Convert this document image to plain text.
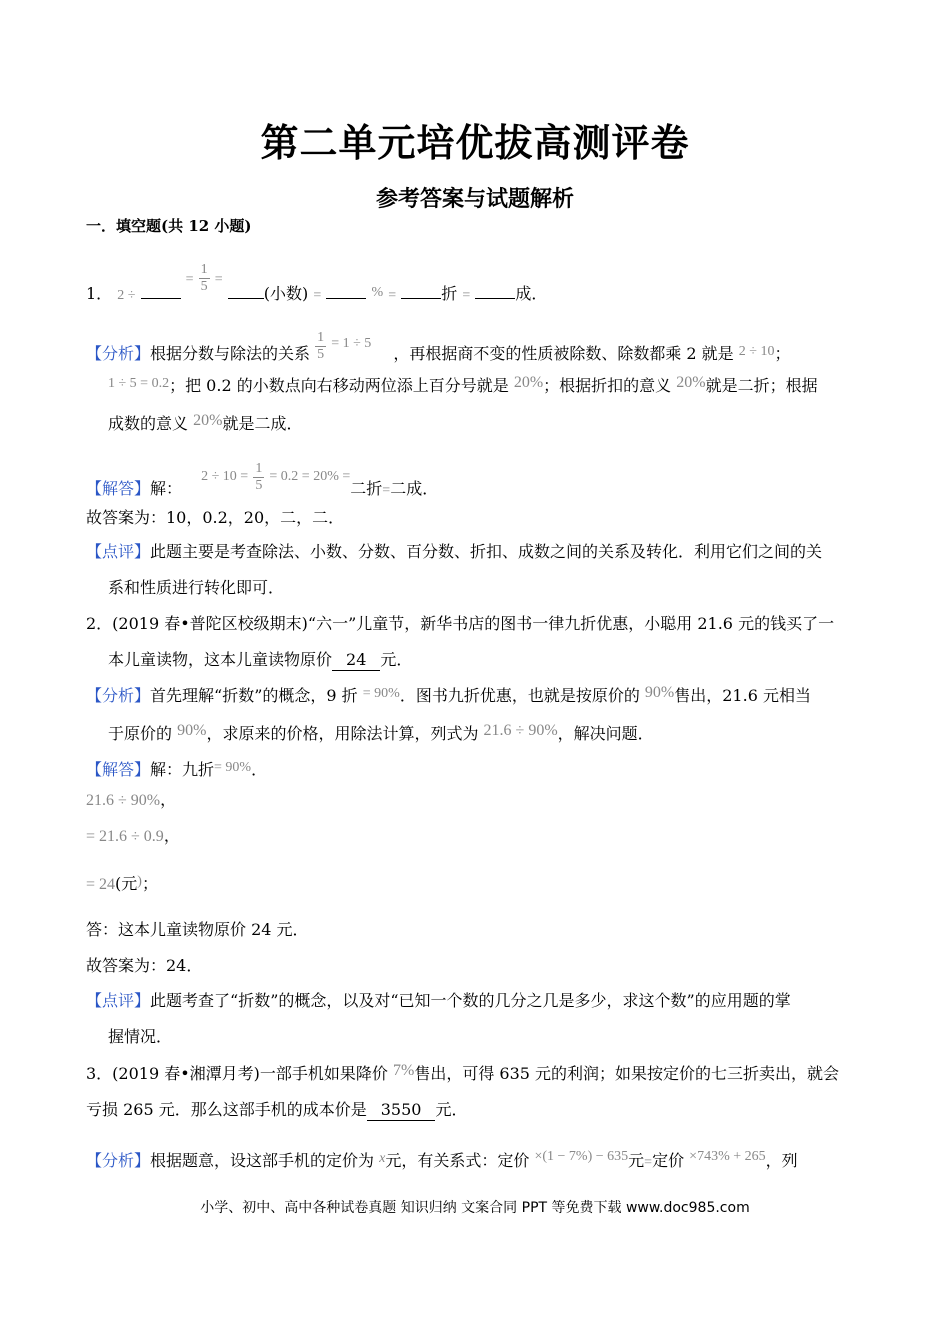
第二单元培优拔高测评卷
参考答案与试题解析
一．填空题(共 12 小题)
1． 2 ÷  = $\frac{1}{5}$ = (小数) =	% =	折 =	成．
【分析】根据分数与除法的关系 $\frac{1}{5} = 1 \div 5$，再根据商不变的性质被除数、除数都乘 2 就是 2 ÷ 10；
1 ÷ 5 = 0.2；把 0.2 的小数点向右移动两位添上百分号就是 20%；根据折扣的意义 20%就是二折；根据
成数的意义 20%就是二成．
【解答】解： $2 \div 10 = \frac{1}{5} = 0.2 = 20\%$ =二折=二成．
故答案为：10，0.2，20，二，二．
【点评】此题主要是考查除法、小数、分数、百分数、折扣、成数之间的关系及转化．利用它们之间的关
系和性质进行转化即可．
2．(2019 春•普陀区校级期末)“六一”儿童节，新华书店的图书一律九折优惠，小聪用 21.6 元的钱买了一
本儿童读物，这本儿童读物原价 24 元．
【分析】首先理解“折数”的概念，9 折 = 90%．图书九折优惠，也就是按原价的 90%售出，21.6 元相当
于原价的 90%，求原来的价格，用除法计算，列式为 21.6 ÷ 90%，解决问题．
【解答】解：九折= 90%．
21.6 ÷ 90%，
= 21.6 ÷ 0.9，
= 24(元)；
答：这本儿童读物原价 24 元．
故答案为：24．
【点评】此题考查了“折数”的概念，以及对“已知一个数的几分之几是多少，求这个数”的应用题的掌
握情况．
3．(2019 春•湘潭月考)一部手机如果降价 7%售出，可得 635 元的利润；如果按定价的七三折卖出，就会
亏损 265 元．那么这部手机的成本价是 3550 元．
【分析】根据题意，设这部手机的定价为 x元，有关系式：定价 ×(1 − 7%) − 635元=定价 ×743% + 265，列
小学、初中、高中各种试卷真题 知识归纳 文案合同 PPT 等免费下载 www.doc985.com
